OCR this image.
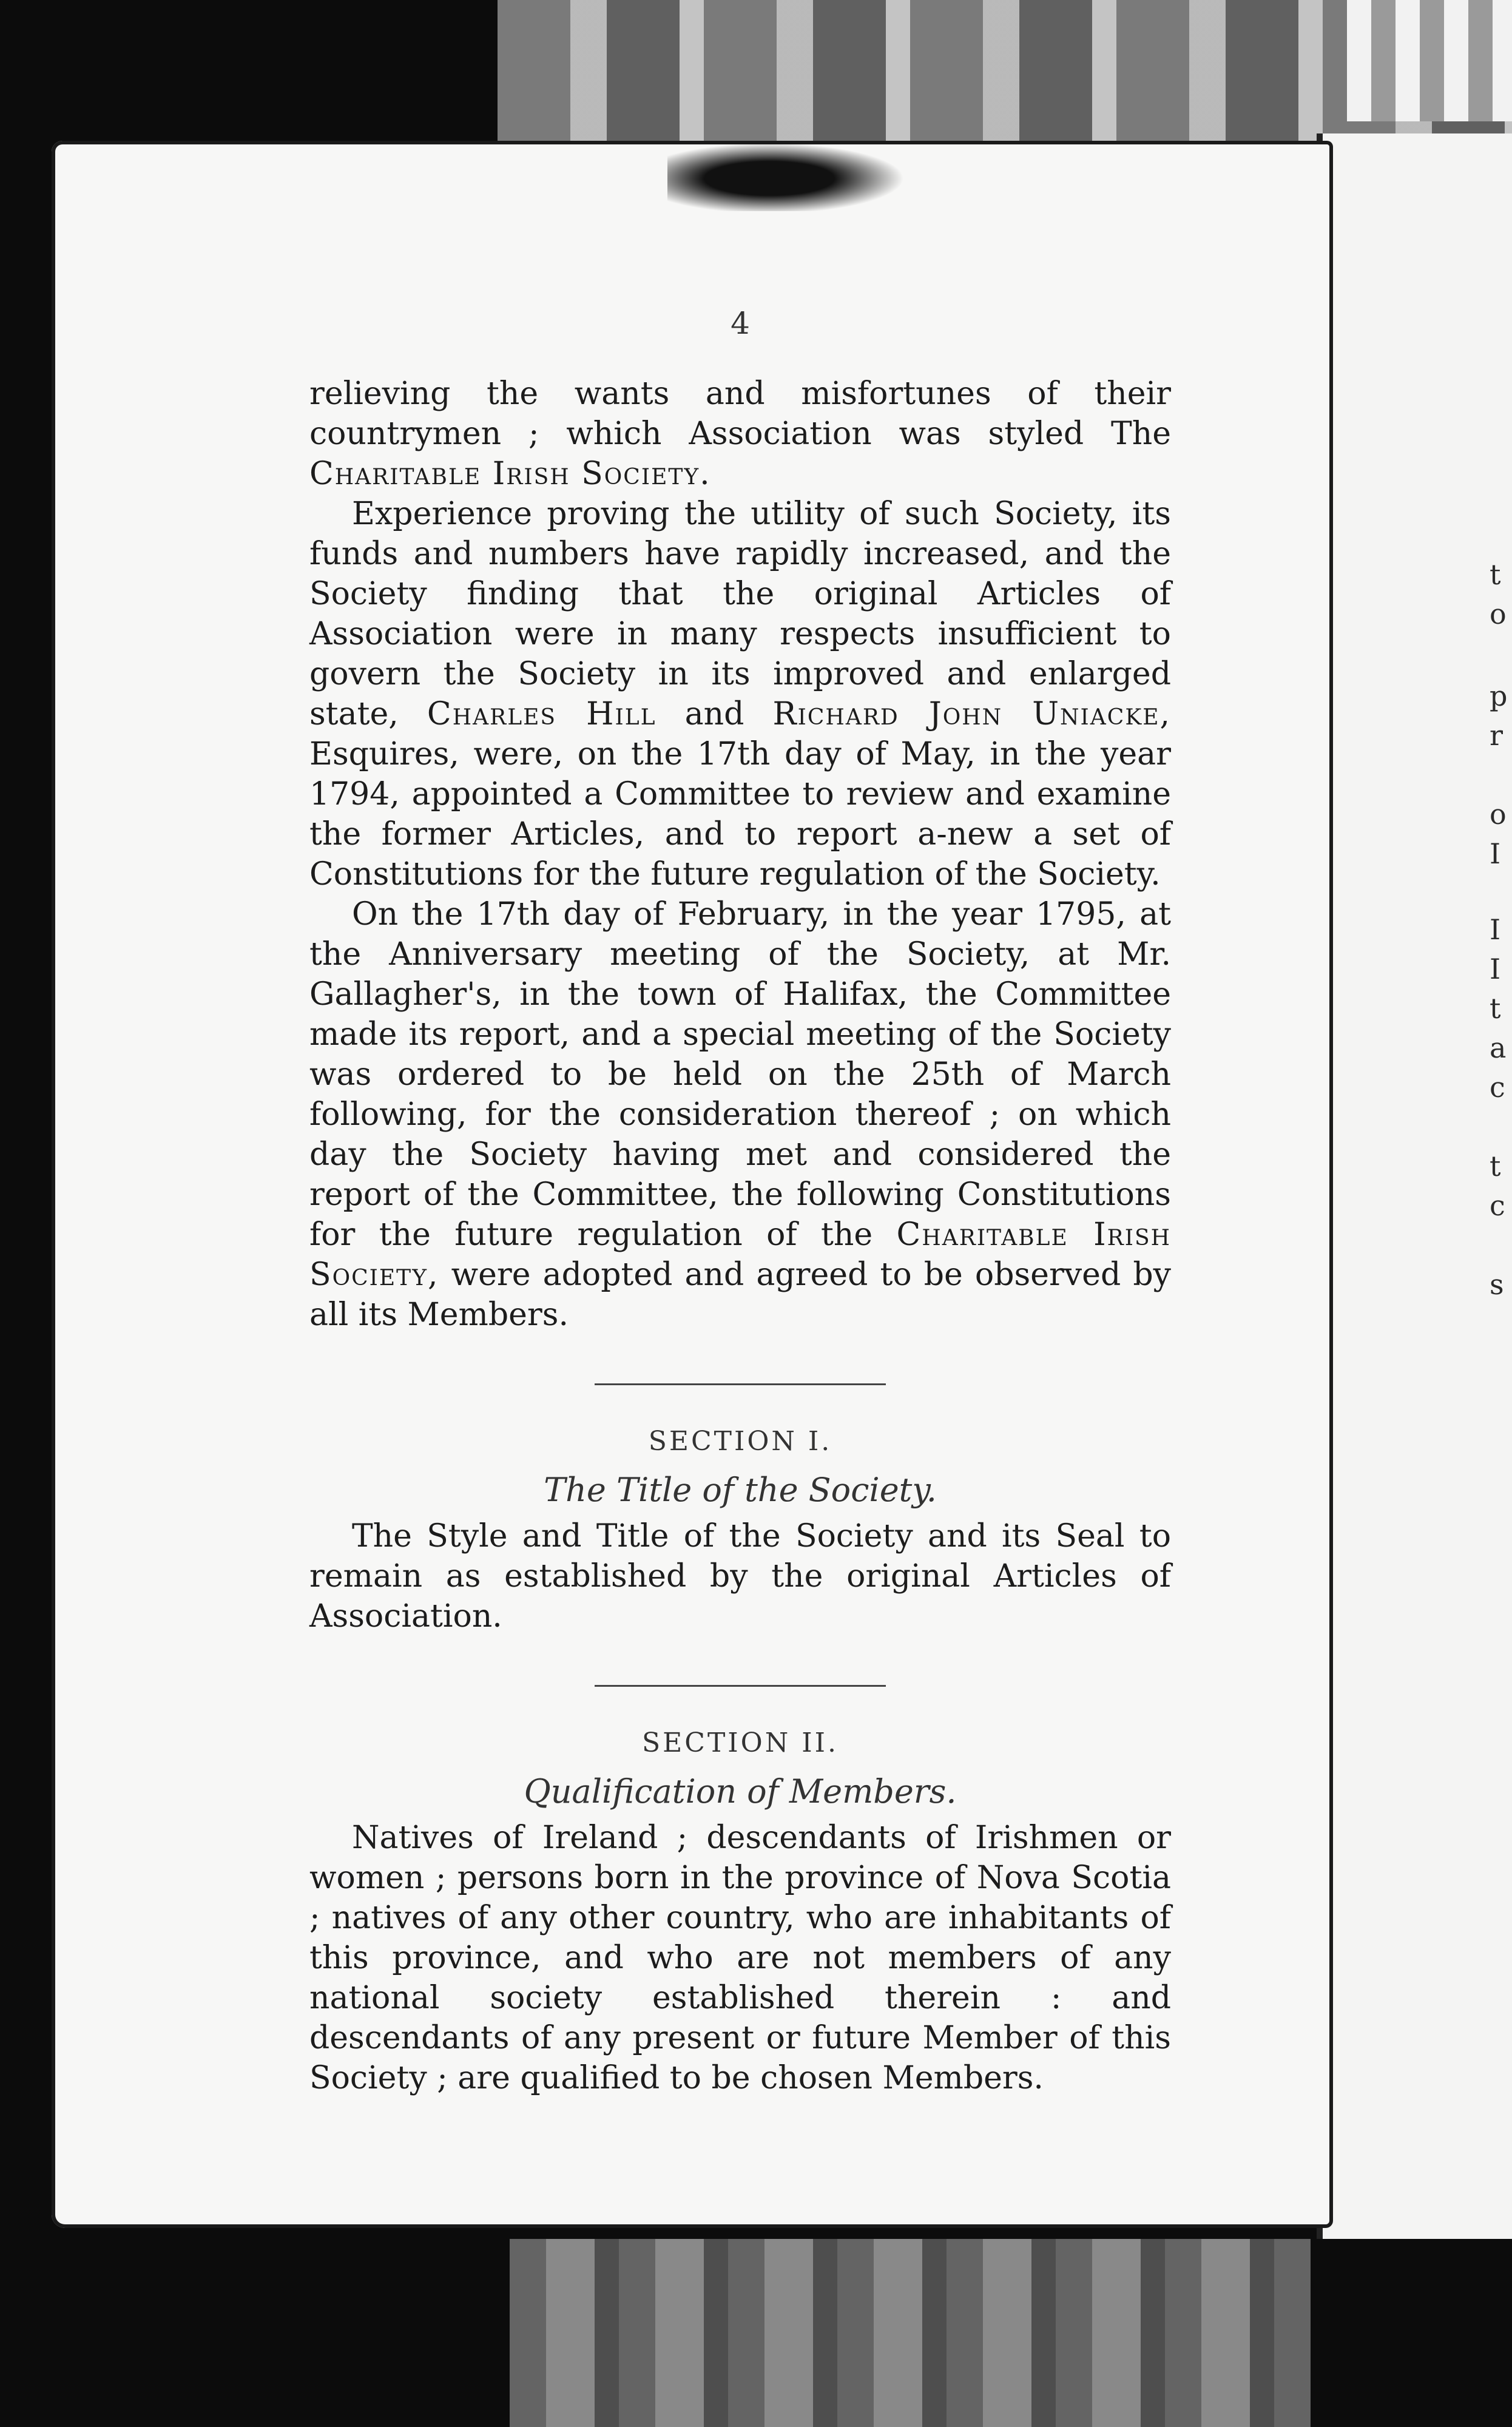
t
o
p
r
o
I
I
I
t
a
c
t
c
s
4

relieving the wants and misfortunes of their countrymen ; which Association was styled The Charitable Irish Society.

Experience proving the utility of such Society, its funds and numbers have rapidly increased, and the Society finding that the original Articles of Association were in many respects insufficient to govern the Society in its improved and enlarged state, Charles Hill and Richard John Uniacke, Esquires, were, on the 17th day of May, in the year 1794, appointed a Committee to review and examine the former Articles, and to report a-new a set of Constitutions for the future regulation of the Society.

On the 17th day of February, in the year 1795, at the Anniversary meeting of the Society, at Mr. Gallagher's, in the town of Halifax, the Committee made its report, and a special meeting of the Society was ordered to be held on the 25th of March following, for the consideration thereof ; on which day the Society having met and considered the report of the Committee, the following Constitutions for the future regulation of the Charitable Irish Society, were adopted and agreed to be observed by all its Members.

SECTION I.

The Title of the Society.

The Style and Title of the Society and its Seal to remain as established by the original Articles of Association.

SECTION II.

Qualification of Members.

Natives of Ireland ; descendants of Irishmen or women ; persons born in the province of Nova Scotia ; natives of any other country, who are inhabitants of this province, and who are not members of any national society established therein : and descendants of any present or future Member of this Society ; are qualified to be chosen Members.
